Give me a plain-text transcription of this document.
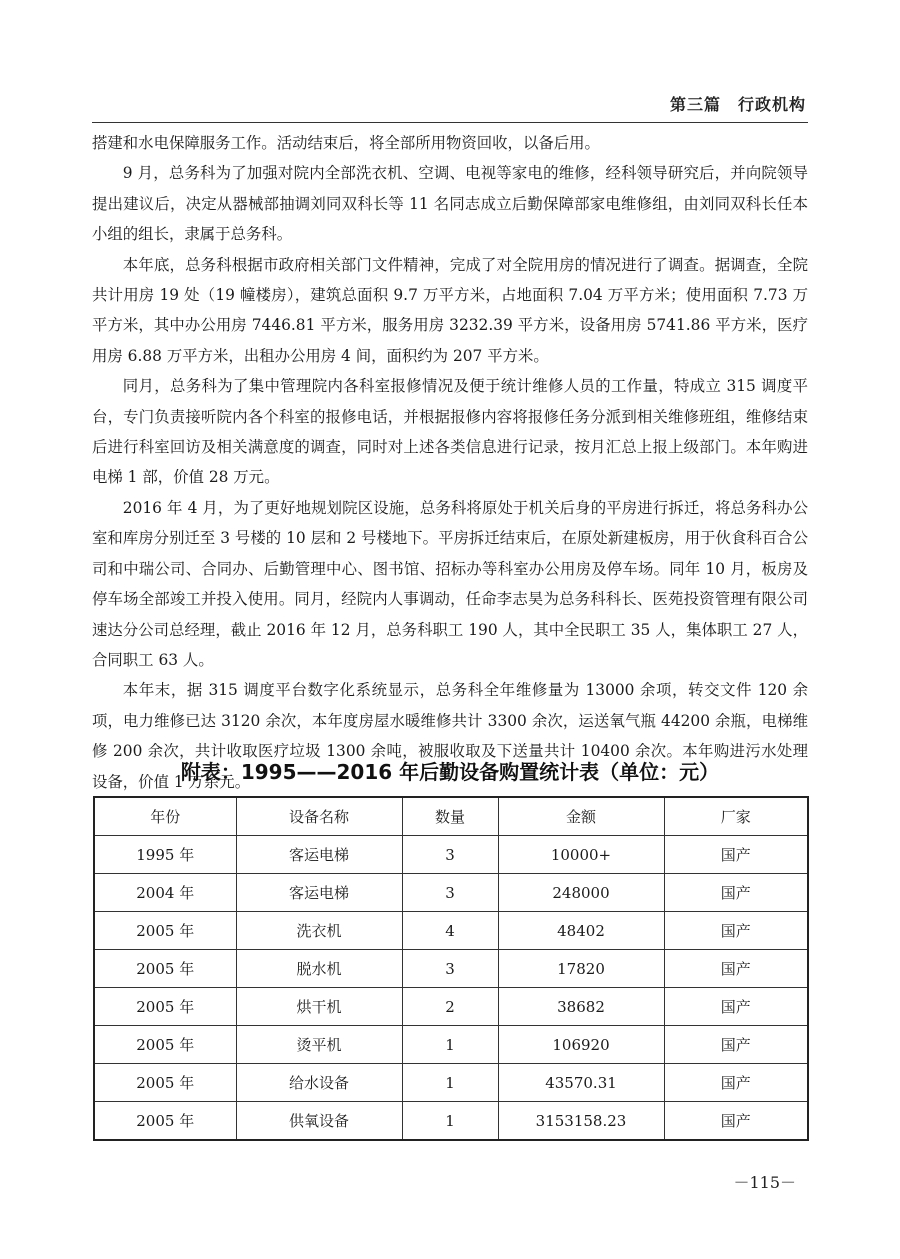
第三篇　行政机构

搭建和水电保障服务工作。活动结束后，将全部所用物资回收，以备后用。

9 月，总务科为了加强对院内全部洗衣机、空调、电视等家电的维修，经科领导研究后，并向院领导提出建议后，决定从器械部抽调刘同双科长等 11 名同志成立后勤保障部家电维修组，由刘同双科长任本小组的组长，隶属于总务科。

本年底，总务科根据市政府相关部门文件精神，完成了对全院用房的情况进行了调查。据调查，全院共计用房 19 处（19 幢楼房），建筑总面积 9.7 万平方米，占地面积 7.04 万平方米；使用面积 7.73 万平方米，其中办公用房 7446.81 平方米，服务用房 3232.39 平方米，设备用房 5741.86 平方米，医疗用房 6.88 万平方米，出租办公用房 4 间，面积约为 207 平方米。

同月，总务科为了集中管理院内各科室报修情况及便于统计维修人员的工作量，特成立 315 调度平台，专门负责接听院内各个科室的报修电话，并根据报修内容将报修任务分派到相关维修班组，维修结束后进行科室回访及相关满意度的调查，同时对上述各类信息进行记录，按月汇总上报上级部门。本年购进电梯 1 部，价值 28 万元。

2016 年 4 月，为了更好地规划院区设施，总务科将原处于机关后身的平房进行拆迁，将总务科办公室和库房分别迁至 3 号楼的 10 层和 2 号楼地下。平房拆迁结束后，在原处新建板房，用于伙食科百合公司和中瑞公司、合同办、后勤管理中心、图书馆、招标办等科室办公用房及停车场。同年 10 月，板房及停车场全部竣工并投入使用。同月，经院内人事调动，任命李志昊为总务科科长、医苑投资管理有限公司速达分公司总经理，截止 2016 年 12 月，总务科职工 190 人，其中全民职工 35 人，集体职工 27 人，合同职工 63 人。

本年末，据 315 调度平台数字化系统显示，总务科全年维修量为 13000 余项，转交文件 120 余项，电力维修已达 3120 余次，本年度房屋水暖维修共计 3300 余次，运送氧气瓶 44200 余瓶，电梯维修 200 余次，共计收取医疗垃圾 1300 余吨，被服收取及下送量共计 10400 余次。本年购进污水处理设备，价值 1 万余元。

附表：1995——2016 年后勤设备购置统计表（单位：元）
年份	设备名称	数量	金额	厂家
1995 年	客运电梯	3	10000+	国产
2004 年	客运电梯	3	248000	国产
2005 年	洗衣机	4	48402	国产
2005 年	脱水机	3	17820	国产
2005 年	烘干机	2	38682	国产
2005 年	烫平机	1	106920	国产
2005 年	给水设备	1	43570.31	国产
2005 年	供氧设备	1	3153158.23	国产
－115－
